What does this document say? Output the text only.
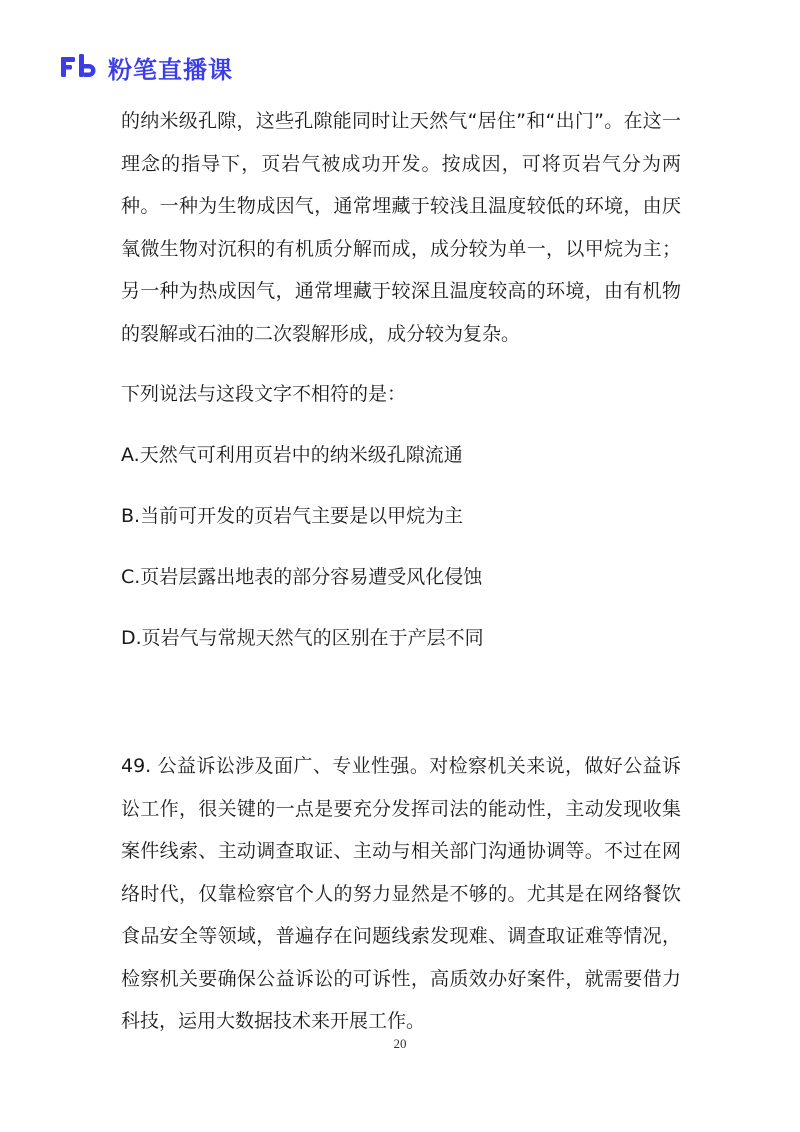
粉笔直播课

的纳米级孔隙，这些孔隙能同时让天然气“居住”和“出门”。在这一理念的指导下，页岩气被成功开发。按成因，可将页岩气分为两种。一种为生物成因气，通常埋藏于较浅且温度较低的环境，由厌氧微生物对沉积的有机质分解而成，成分较为单一，以甲烷为主；另一种为热成因气，通常埋藏于较深且温度较高的环境，由有机物的裂解或石油的二次裂解形成，成分较为复杂。

下列说法与这段文字不相符的是：

A.天然气可利用页岩中的纳米级孔隙流通

B.当前可开发的页岩气主要是以甲烷为主

C.页岩层露出地表的部分容易遭受风化侵蚀

D.页岩气与常规天然气的区别在于产层不同

49. 公益诉讼涉及面广、专业性强。对检察机关来说，做好公益诉讼工作，很关键的一点是要充分发挥司法的能动性，主动发现收集案件线索、主动调查取证、主动与相关部门沟通协调等。不过在网络时代，仅靠检察官个人的努力显然是不够的。尤其是在网络餐饮食品安全等领域，普遍存在问题线索发现难、调查取证难等情况，检察机关要确保公益诉讼的可诉性，高质效办好案件，就需要借力科技，运用大数据技术来开展工作。

20
